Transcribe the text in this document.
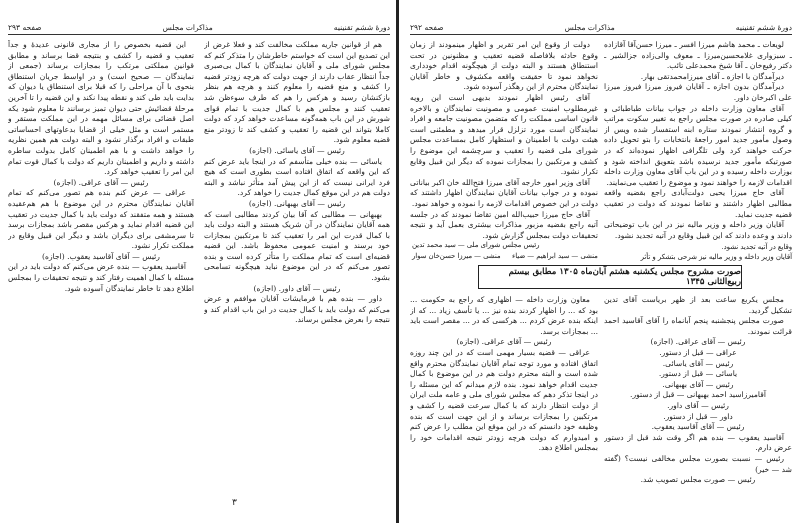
دورهٔ ششم تقنینیه
مذاکرات مجلس
صفحه ۲۹۳

هم از قوانین جاریه مملکت مخالفت کند و فعلا غرض از این تصدیع این است که خواستم خاطرشان را متذکر کنم که مجلس شورای ملی و آقایان نمایندگان با کمال بی‌صبری جداً انتظار عقاب دارند از جهت دولت که هرچه زودتر قضیه را کشف و منع قضیه را معلوم کنند و هرچه هم بنظر بازکنشان رسید و هرکس را هم که طرف سوءظن شد تعقیب کنند و مجلس هم با کمال جدیت با تمام قوای شورش در این باب همه‌گونه مساعدت خواهد کرد که دولت کاملا بتواند این قضیه را تعقیب و کشف کند تا زودتر منع قضیه معلوم شود.

رئیس — آقای یاسائی. (اجازه)

یاسائی — بنده خیلی متأسفم که در اینجا باید عرض کنم که این واقعه که اتفاق افتاده است بطوری است که هیچ فرد ایرانی نیست که از این پیش آمد متأثر نباشد و البته دولت هم در این موقع کمال جدیت را خواهد کرد.

رئیس — آقای بهبهانی. (اجازه)

بهبهانی — مطالبی که آقا بیان کردند مطالبی است که همه آقایان نمایندگان در آن شریک هستند و البته دولت باید با کمال قدرت این امر را تعقیب کند تا مرتکبین بمجازات خود برسند و امنیت عمومی محفوظ باشد. این قضیه قضیه‌ای است که تمام مملکت را متأثر کرده است و بنده تصور می‌کنم که در این موضوع نباید هیچگونه تسامحی بشود.

رئیس — آقای داور. (اجازه)

داور — بنده هم با فرمایشات آقایان موافقم و عرض می‌کنم که دولت باید با کمال جدیت در این باب اقدام کند و نتیجه را بعرض مجلس برساند.

این قضیه بخصوص را از مجاری قانونی عدیدهٔ و جداً تعقیب و قضیه را کشف و بنتیجه قضا برساند و مطابق قوانین مملکتی مرتکب را بمجازات برساند (جمعی از نمایندگان — صحیح است) و در اواسط جریان استنطاق بنحوی با آن مراحلی را که قبلا برای استنطاق یا دیوان که بدایت باید طی کند و نقطه پیدا نکند و این قضیه را تا آخرین مرحلهٔ قضائیش حتی دیوان تمیز برسانند تا معلوم شود یکه اصل قضائی برای مسائل مهمه در این مملکت مستقر و مستمر است و مثل خیلی از قضایا بدعاوتهای احساساتی طبقات و افراد برگذار نشود و البته دولت هم همین نظریه را خواهد داشت و با هم اطمینان کامل بدولت ساطره داشته و داریم و اطمینان داریم که دولت با کمال قوت تمام این امر را تعقیب خواهد کرد.

رئیس — آقای عراقی. (اجازه)

عراقی — عرض کنم بنده هم تصور می‌کنم که تمام آقایان نمایندگان محترم در این موضوع با هم هم‌عقیده هستند و همه متفقند که دولت باید با کمال جدیت در تعقیب این قضیه اقدام نماید و هرکس مقصر باشد بمجازات برسد تا سرمشقی برای دیگران باشد و دیگر این قبیل وقایع در مملکت تکرار نشود.

رئیس — آقای آقاسید یعقوب. (اجازه)

آقاسید یعقوب — بنده عرض می‌کنم که دولت باید در این مسئله با کمال اهمیت رفتار کند و نتیجه تحقیقات را بمجلس اطلاع دهد تا خاطر نمایندگان آسوده شود.

۳
دورهٔ ششم تقنینیه
مذاکرات مجلس
صفحه ۲۹۲

لویعات ـ محمد هاشم میرزا افسر ـ میرزا حسن‌آقا آقازاده ـ سبزواری غلامحسین‌میرزا ـ معوف والی‌زاده جزالشیر ـ دکتر رفیع‌خان ـ آقا شیخ محمدعلی تائب.

دیرآمدگان با اجازه ـ آقای میرزامحمدتقی بهار.

دیرآمدگان بدون اجازه ـ آقایان فیروز میرزا فیروز میرزا علی اکبرخان داور.

آقای معاون وزارت داخله در جواب بیانات طباطبائی و کیلی صادره در صورت مجلس راجع به تغییر سکوت مراتب و گروه انتشار نمودند ستاره ابنه استفسار شده ویس از وصول مأمور جدید امور راجعهٔ بانتخابات را بتو تحویل داده حرکت خواهند کرد ولی تلگرافی اظهار نموده‌اند که در صورتیکه مأمور جدید نرسیده باشد بتعویق انداخته شود و بوزارت داخله رسیده و در این باب آقای معاون وزارت داخله اقدامات لازمه را خواهند نمود و موضوع را تعقیب می‌نمایند.

آقای حاج میرزا یحیی دولت‌آبادی راجع بقضیه واقعه مطالبی اظهار داشتند و تقاضا نمودند که دولت در تعقیب قضیه جدیت نماید.

آقایان وزیر داخله و وزیر مالیه نیز در این باب توضیحاتی دادند و وعده دادند که این قبیل وقایع در آتیه تجدید نشود.

دولت از وقوع این امر تقریر و اظهار مینمودند از زمان وقوع حادثه بلافاصله قضیه تعقیب و مظنونین در تحت استنطاق هستند و البته دولت از هیچگونه اقدام خودداری نخواهد نمود تا حقیقت واقعه مکشوف و خاطر آقایان نمایندگان محترم از این رهگذر آسوده شود.

آقای رئیس اظهار نمودند بدیهی است این رویه غیرمطلوب امنیت عمومی و مصونیت نمایندگان و بالاخره قانون اساسی مملکت را که متضمن مصونیت جامعه و افراد نمایندگان است مورد تزلزل قرار میدهد و مطمئنی است هیئت دولت با اطمینان و استظهار کامل بمساعدت مجلس شورای ملی قضیه را تعقیب و سرچشمه این موضوع را کشف و مرتکبین را بمجازات نموده که دیگر این قبیل وقایع تکرار نشود.

آقای وزیر امور خارجه آقای میرزا فتح‌الله خان اکبر بیاناتی نموده و در جواب بیانات آقایان نمایندگان اظهار داشتند که دولت در این خصوص اقدامات لازمه را نموده و خواهد نمود.

آقای حاج میرزا حبیب‌الله امین تقاضا نمودند که در جلسه آتیه راجع بقضیه مزبور مذاکرات بیشتری بعمل آید و نتیجه تحقیقات دولت بمجلس گزارش شود.

وقایع در آتیه تجدید نشود.
آقایان وزیر داخله و وزیر مالیه نیز شرحی بتشکر و تأثر
رئیس مجلس شورای ملی — سید محمد تدین
منشی — سید ابراهیم — ضیاء
منشی — میرزا حسن‌خان سوار
صورت مشروح مجلس یکشنبه هشتم آبان‌ماه ۱۳۰۵ مطابق بیستم ربیع‌الثانی ۱۳۴۵

مجلس یکربع ساعت بعد از ظهر بریاست آقای تدین تشکیل گردید.

صورت مجلس پنجشنبه پنجم آبانماه را آقای آقاسید احمد قرائت نمودند.

رئیس — آقای عراقی. (اجازه)

عراقی — قبل از دستور.

رئیس — آقای یاسائی.

یاسائی — قبل از دستور.

رئیس — آقای بهبهانی.

آقامیرزاسید احمد بهبهانی — قبل از دستور.

رئیس — آقای داور.

داور — قبل از دستور.

رئیس — آقای آقاسید یعقوب.

آقاسید یعقوب — بنده هم اگر وقت شد قبل از دستور عرض دارم.

رئیس — نسبت بصورت مجلس مخالفی نیست؟ (گفته شد — خیر)

رئیس — صورت مجلس تصویب شد.

معاون وزارت داخله — اظهاری که راجع به حکومت ... بود که ... را اظهار کردند بنده نیز ... یا تأسف زیاد ... که از اینکه بنده عرض کردم ... هرکسی که در ... مقصر است باید ... بمجازات برسد.

رئیس — آقای عراقی. (اجازه)

عراقی — قضیه بسیار مهمی است که در این چند روزه اتفاق افتاده و مورد توجه تمام آقایان نمایندگان محترم واقع شده است و البته محترم دولت هم در این موضوع با کمال جدیت اقدام خواهد نمود. بنده لازم میدانم که این مسئله را در اینجا تذکر دهم که مجلس شورای ملی و عامه ملت ایران از دولت انتظار دارند که با کمال سرعت قضیه را کشف و مرتکبین را بمجازات برساند و از این جهت است که بنده وظیفه خود دانستم که در این موقع این مطلب را عرض کنم و امیدوارم که دولت هرچه زودتر نتیجه اقدامات خود را بمجلس اطلاع دهد.
